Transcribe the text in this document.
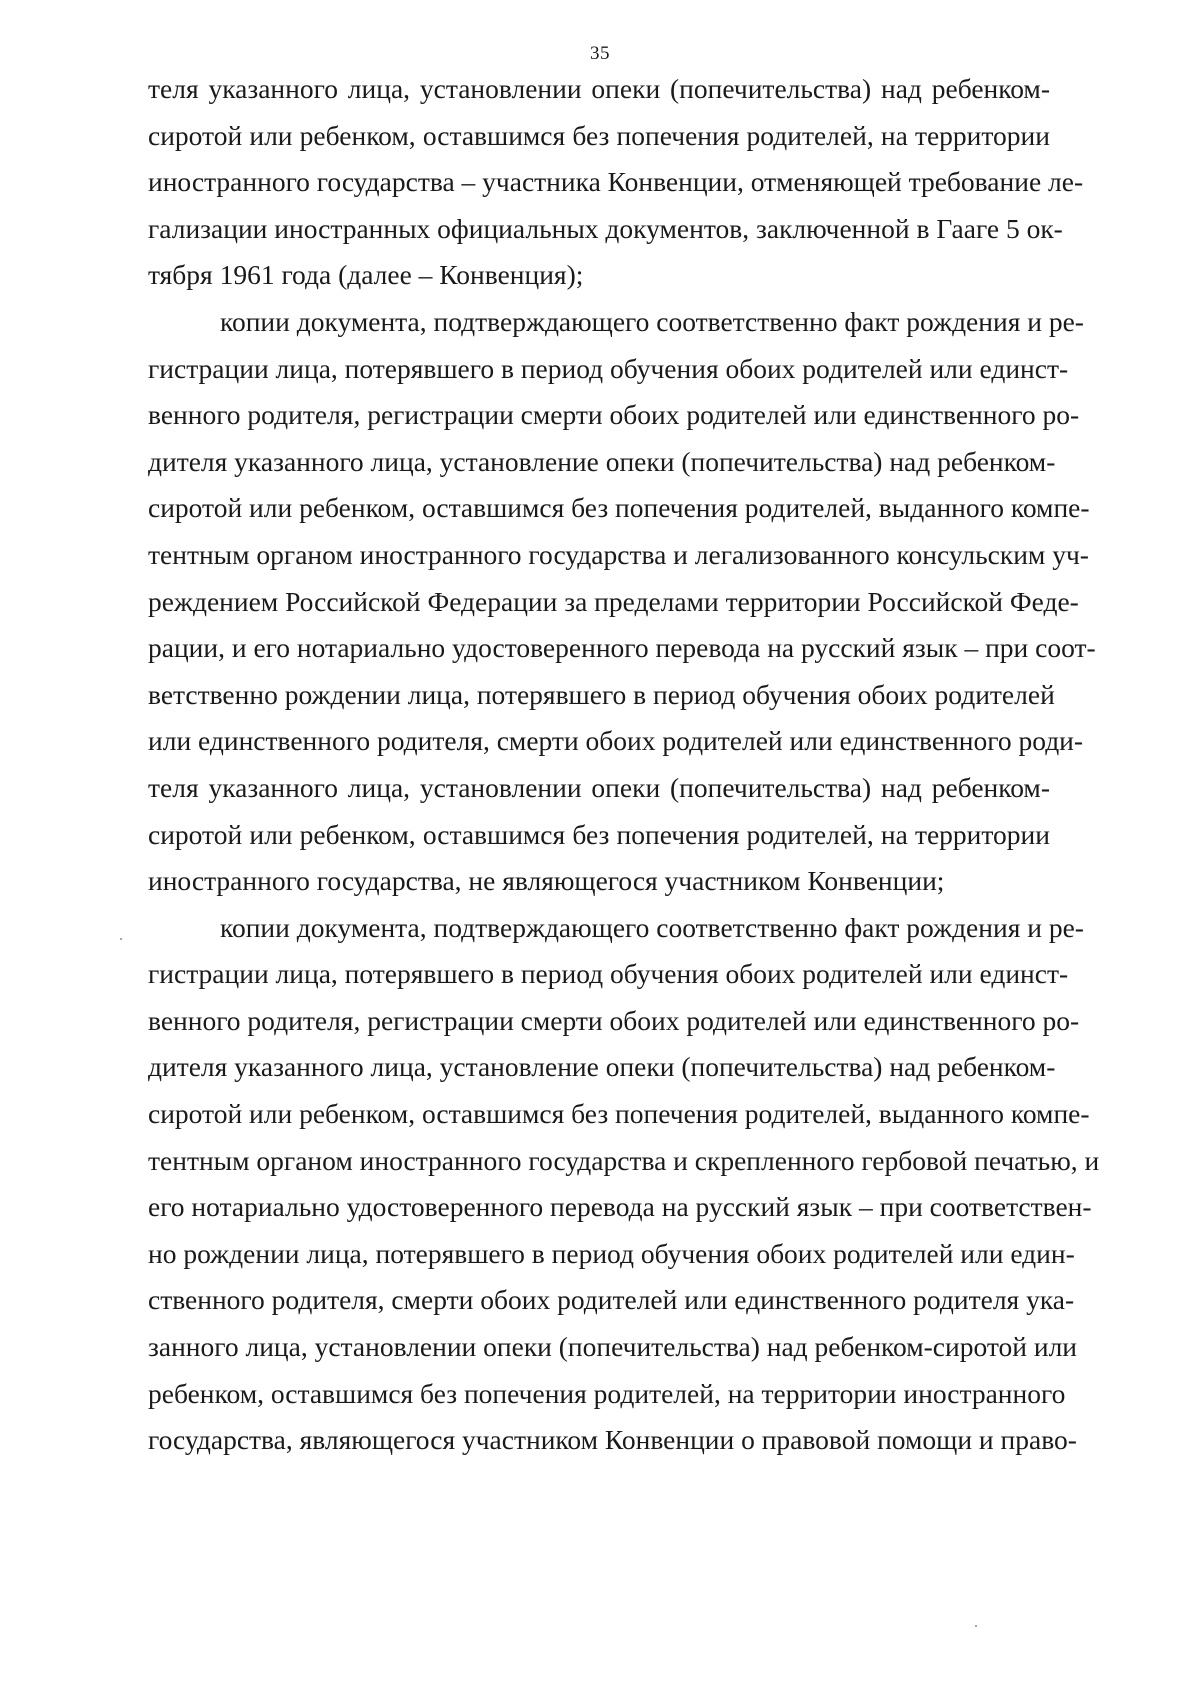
35
теля указанного лица, установлении опеки (попечительства) над ребенком-
сиротой или ребенком, оставшимся без попечения родителей, на территории
иностранного государства – участника Конвенции, отменяющей требование ле-
гализации иностранных официальных документов, заключенной в Гааге 5 ок-
тября 1961 года (далее – Конвенция);
копии документа, подтверждающего соответственно факт рождения и ре-
гистрации лица, потерявшего в период обучения обоих родителей или единст-
венного родителя, регистрации смерти обоих родителей или единственного ро-
дителя указанного лица, установление опеки (попечительства) над ребенком-
сиротой или ребенком, оставшимся без попечения родителей, выданного компе-
тентным органом иностранного государства и легализованного консульским уч-
реждением Российской Федерации за пределами территории Российской Феде-
рации, и его нотариально удостоверенного перевода на русский язык – при соот-
ветственно рождении лица, потерявшего в период обучения обоих родителей
или единственного родителя, смерти обоих родителей или единственного роди-
теля указанного лица, установлении опеки (попечительства) над ребенком-
сиротой или ребенком, оставшимся без попечения родителей, на территории
иностранного государства, не являющегося участником Конвенции;
копии документа, подтверждающего соответственно факт рождения и ре-
гистрации лица, потерявшего в период обучения обоих родителей или единст-
венного родителя, регистрации смерти обоих родителей или единственного ро-
дителя указанного лица, установление опеки (попечительства) над ребенком-
сиротой или ребенком, оставшимся без попечения родителей, выданного компе-
тентным органом иностранного государства и скрепленного гербовой печатью, и
его нотариально удостоверенного перевода на русский язык – при соответствен-
но рождении лица, потерявшего в период обучения обоих родителей или един-
ственного родителя, смерти обоих родителей или единственного родителя ука-
занного лица, установлении опеки (попечительства) над ребенком-сиротой или
ребенком, оставшимся без попечения родителей, на территории иностранного
государства, являющегося участником Конвенции о правовой помощи и право-
